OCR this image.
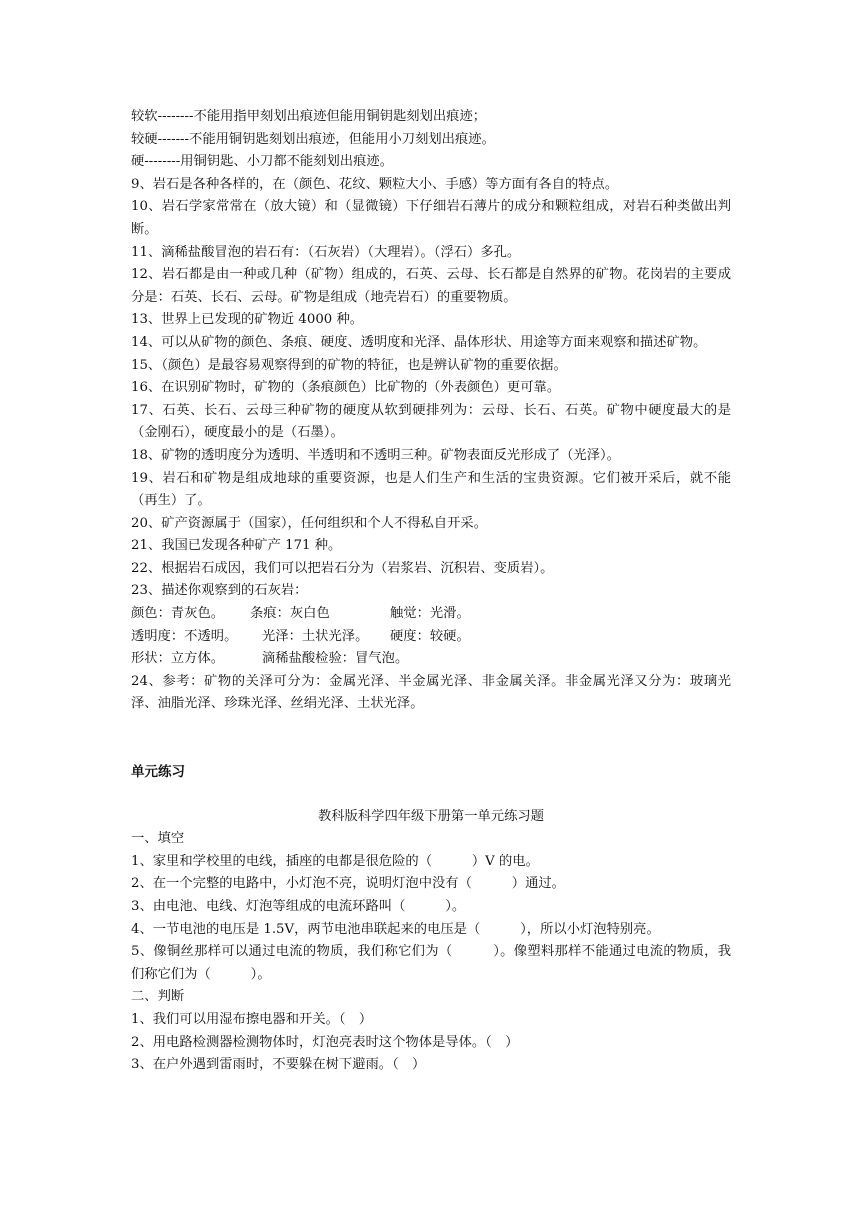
较软--------不能用指甲刻划出痕迹但能用铜钥匙刻划出痕迹；

较硬-------不能用铜钥匙刻划出痕迹，但能用小刀刻划出痕迹。

硬--------用铜钥匙、小刀都不能刻划出痕迹。

9、岩石是各种各样的，在（颜色、花纹、颗粒大小、手感）等方面有各自的特点。

10、岩石学家常常在（放大镜）和（显微镜）下仔细岩石薄片的成分和颗粒组成，对岩石种类做出判断。

11、滴稀盐酸冒泡的岩石有：（石灰岩）（大理岩）。（浮石）多孔。

12、岩石都是由一种或几种（矿物）组成的，石英、云母、长石都是自然界的矿物。花岗岩的主要成分是：石英、长石、云母。矿物是组成（地壳岩石）的重要物质。

13、世界上已发现的矿物近 4000 种。

14、可以从矿物的颜色、条痕、硬度、透明度和光泽、晶体形状、用途等方面来观察和描述矿物。

15、（颜色）是最容易观察得到的矿物的特征，也是辨认矿物的重要依据。

16、在识别矿物时，矿物的（条痕颜色）比矿物的（外表颜色）更可靠。

17、石英、长石、云母三种矿物的硬度从软到硬排列为：云母、长石、石英。矿物中硬度最大的是（金刚石），硬度最小的是（石墨）。

18、矿物的透明度分为透明、半透明和不透明三种。矿物表面反光形成了（光泽）。

19、岩石和矿物是组成地球的重要资源，也是人们生产和生活的宝贵资源。它们被开采后，就不能（再生）了。

20、矿产资源属于（国家），任何组织和个人不得私自开采。

21、我国已发现各种矿产 171 种。

22、根据岩石成因，我们可以把岩石分为（岩浆岩、沉积岩、变质岩）。

23、描述你观察到的石灰岩：

颜色：青灰色。	条痕：灰白色	触觉：光滑。
透明度：不透明。	光泽：土状光泽。	硬度：较硬。
形状：立方体。	滴稀盐酸检验：冒气泡。

24、参考：矿物的关泽可分为：金属光泽、半金属光泽、非金属关泽。非金属光泽又分为：玻璃光泽、油脂光泽、珍珠光泽、丝绢光泽、土状光泽。

单元练习

教科版科学四年级下册第一单元练习题

一、填空

1、家里和学校里的电线，插座的电都是很危险的（　　　）V 的电。

2、在一个完整的电路中，小灯泡不亮，说明灯泡中没有（　　　）通过。

3、由电池、电线、灯泡等组成的电流环路叫（　　　）。

4、一节电池的电压是 1.5V，两节电池串联起来的电压是（　　　），所以小灯泡特别亮。

5、像铜丝那样可以通过电流的物质，我们称它们为（　　　）。像塑料那样不能通过电流的物质，我们称它们为（　　　）。

二、判断

1、我们可以用湿布擦电器和开关。（　）

2、用电路检测器检测物体时，灯泡亮表时这个物体是导体。（　）

3、在户外遇到雷雨时，不要躲在树下避雨。（　）
